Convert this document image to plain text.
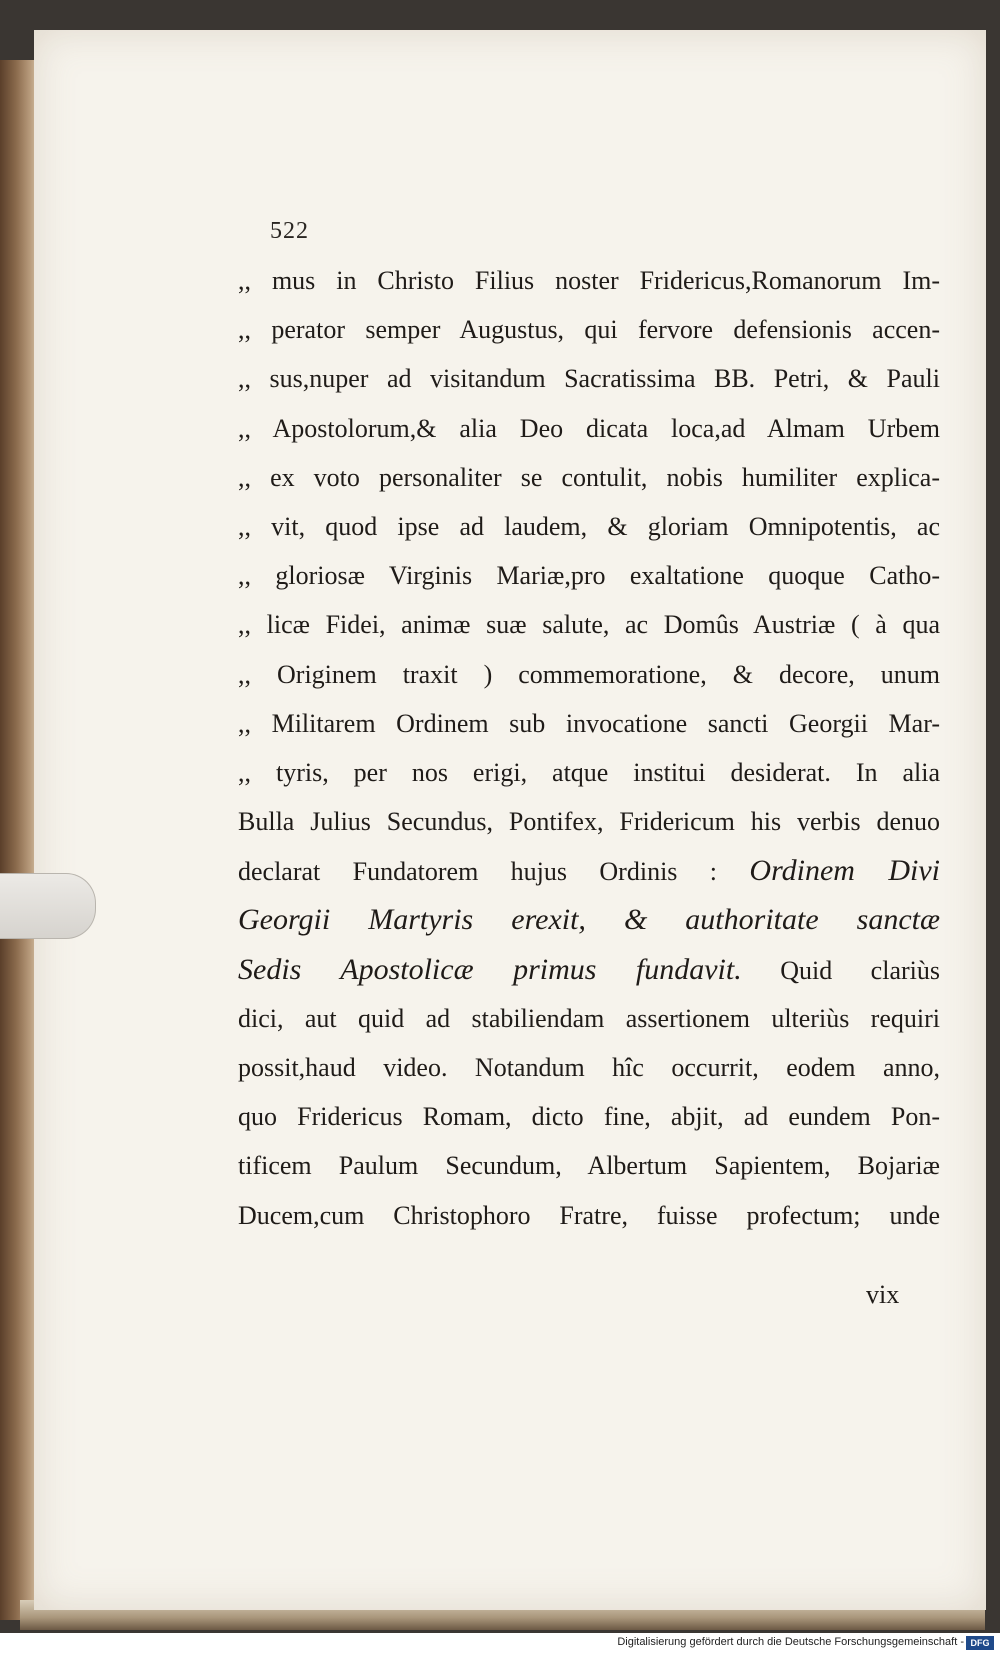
522
,, mus in Christo Filius noster Fridericus,Romanorum Im-
,, perator semper Augustus, qui fervore defensionis accen-
,, sus,nuper ad visitandum Sacratissima BB. Petri, & Pauli
,, Apostolorum,& alia Deo dicata loca,ad Almam Urbem
,, ex voto personaliter se contulit, nobis humiliter explica-
,, vit, quod ipse ad laudem, & gloriam Omnipotentis, ac
,, gloriosæ Virginis Mariæ,pro exaltatione quoque Catho-
,, licæ Fidei, animæ suæ salute, ac Domûs Austriæ ( à qua
,, Originem traxit ) commemoratione, & decore, unum
,, Militarem Ordinem sub invocatione sancti Georgii Mar-
,, tyris, per nos erigi, atque institui desiderat. In alia
Bulla Julius Secundus, Pontifex, Fridericum his verbis denuo
declarat Fundatorem hujus Ordinis : Ordinem Divi
Georgii Martyris erexit, & authoritate sanctæ
Sedis Apostolicæ primus fundavit. Quid clariùs
dici, aut quid ad stabiliendam assertionem ulteriùs requiri
possit,haud video. Notandum hîc occurrit, eodem anno,
quo Fridericus Romam, dicto fine, abjit, ad eundem Pon-
tificem Paulum Secundum, Albertum Sapientem, Bojariæ
Ducem,cum Christophoro Fratre, fuisse profectum; unde
vix
Digitalisierung gefördert durch die Deutsche Forschungsgemeinschaft - DFG
